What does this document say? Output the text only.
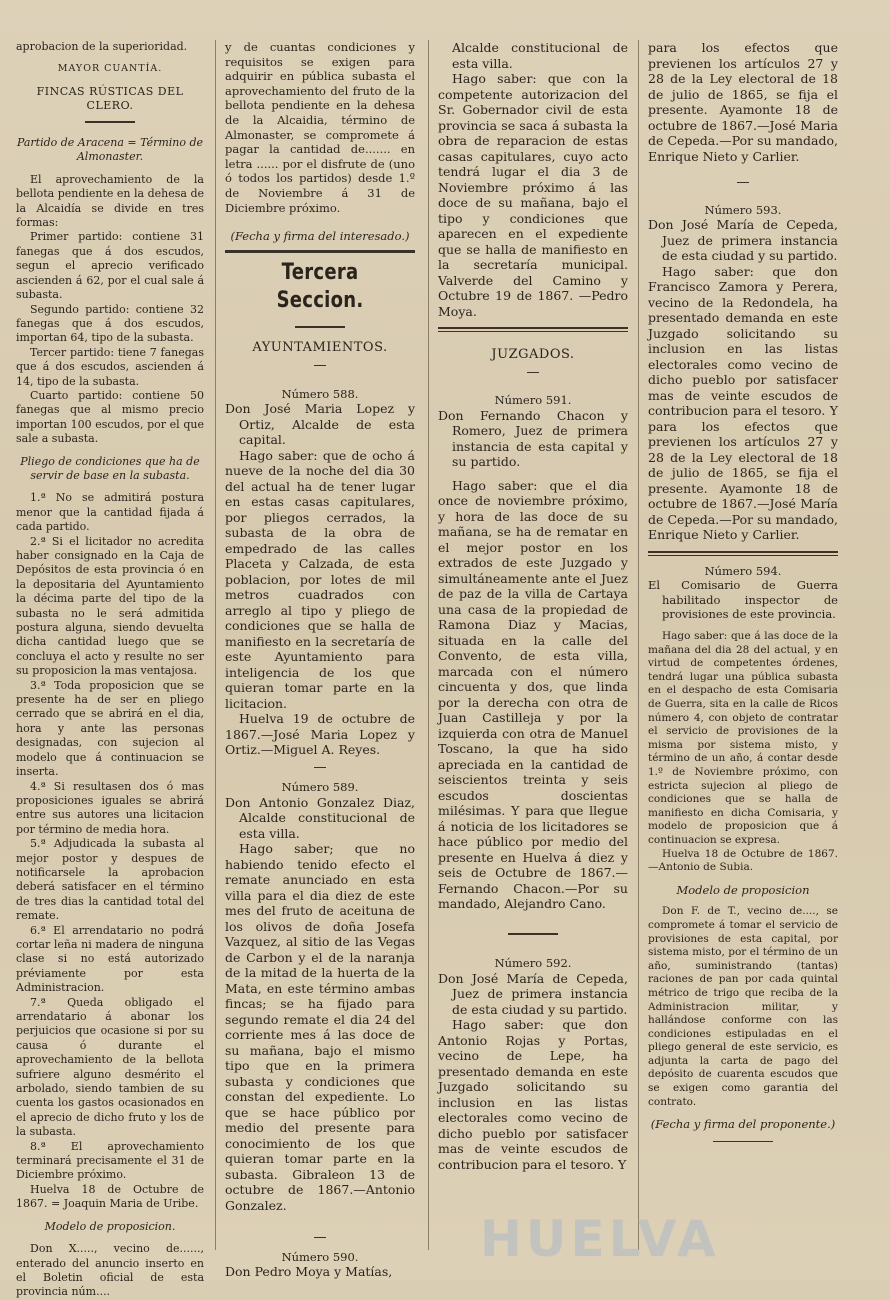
aprobacion de la superioridad.

MAYOR CUANTÍA.

FINCAS RÚSTICAS DEL CLERO.

Partido de Aracena = Término de Almonaster.

El aprovechamiento de la bellota pendiente en la dehesa de la Alcaidía se divide en tres formas:

Primer partido: contiene 31 fanegas que á dos escudos, segun el aprecio verificado ascienden á 62, por el cual sale á subasta.

Segundo partido: contiene 32 fanegas que á dos escudos, importan 64, tipo de la subasta.

Tercer partido: tiene 7 fanegas que á dos escudos, ascienden á 14, tipo de la subasta.

Cuarto partido: contiene 50 fanegas que al mismo precio importan 100 escudos, por el que sale a subasta.

Pliego de condiciones que ha de servir de base en la subasta.

1.ª No se admitirá postura menor que la cantidad fijada á cada partido.

2.ª Si el licitador no acredita haber consignado en la Caja de Depósitos de esta provincia ó en la depositaria del Ayuntamiento la décima parte del tipo de la subasta no le será admitida postura alguna, siendo devuelta dicha cantidad luego que se concluya el acto y resulte no ser su proposicion la mas ventajosa.

3.ª Toda proposicion que se presente ha de ser en pliego cerrado que se abrirá en el dia, hora y ante las personas designadas, con sujecion al modelo que á continuacion se inserta.

4.ª Si resultasen dos ó mas proposiciones iguales se abrirá entre sus autores una licitacion por término de media hora.

5.ª Adjudicada la subasta al mejor postor y despues de notificarsele la aprobacion deberá satisfacer en el término de tres dias la cantidad total del remate.

6.ª El arrendatario no podrá cortar leña ni madera de ninguna clase si no está autorizado préviamente por esta Administracion.

7.ª Queda obligado el arrendatario á abonar los perjuicios que ocasione si por su causa ó durante el aprovechamiento de la bellota sufriere alguno desmérito el arbolado, siendo tambien de su cuenta los gastos ocasionados en el aprecio de dicho fruto y los de la subasta.

8.ª El aprovechamiento terminará precisamente el 31 de Diciembre próximo.

Huelva 18 de Octubre de 1867. = Joaquin Maria de Uribe.

Modelo de proposicion.

Don X....., vecino de......, enterado del anuncio inserto en el Boletin oficial de esta provincia núm....

y de cuantas condiciones y requisitos se exigen para adquirir en pública subasta el aprovechamiento del fruto de la bellota pendiente en la dehesa de la Alcaidia, término de Almonaster, se compromete á pagar la cantidad de....... en letra ...... por el disfrute de (uno ó todos los partidos) desde 1.º de Noviembre á 31 de Diciembre próximo.

(Fecha y firma del interesado.)

Tercera Seccion.

AYUNTAMIENTOS.

Número 588.

Don José Maria Lopez y Ortiz, Alcalde de esta capital.

Hago saber: que de ocho á nueve de la noche del dia 30 del actual ha de tener lugar en estas casas capitulares, por pliegos cerrados, la subasta de la obra de empedrado de las calles Placeta y Calzada, de esta poblacion, por lotes de mil metros cuadrados con arreglo al tipo y pliego de condiciones que se halla de manifiesto en la secretaría de este Ayuntamiento para inteligencia de los que quieran tomar parte en la licitacion.

Huelva 19 de octubre de 1867.—José Maria Lopez y Ortiz.—Miguel A. Reyes.

Número 589.

Don Antonio Gonzalez Diaz, Alcalde constitucional de esta villa.

Hago saber; que no habiendo tenido efecto el remate anunciado en esta villa para el dia diez de este mes del fruto de aceituna de los olivos de doña Josefa Vazquez, al sitio de las Vegas de Carbon y el de la naranja de la mitad de la huerta de la Mata, en este término ambas fincas; se ha fijado para segundo remate el dia 24 del corriente mes á las doce de su mañana, bajo el mismo tipo que en la primera subasta y condiciones que constan del expediente. Lo que se hace público por medio del presente para conocimiento de los que quieran tomar parte en la subasta. Gibraleon 13 de octubre de 1867.—Antonio Gonzalez.

Número 590.

Don Pedro Moya y Matías,

Alcalde constitucional de esta villa.

Hago saber: que con la competente autorizacion del Sr. Gobernador civil de esta provincia se saca á subasta la obra de reparacion de estas casas capitulares, cuyo acto tendrá lugar el dia 3 de Noviembre próximo á las doce de su mañana, bajo el tipo y condiciones que aparecen en el expediente que se halla de manifiesto en la secretaría municipal. Valverde del Camino y Octubre 19 de 1867. —Pedro Moya.

JUZGADOS.

Número 591.

Don Fernando Chacon y Romero, Juez de primera instancia de esta capital y su partido.

Hago saber: que el dia once de noviembre próximo, y hora de las doce de su mañana, se ha de rematar en el mejor postor en los extrados de este Juzgado y simultáneamente ante el Juez de paz de la villa de Cartaya una casa de la propiedad de Ramona Diaz y Macias, situada en la calle del Convento, de esta villa, marcada con el número cincuenta y dos, que linda por la derecha con otra de Juan Castilleja y por la izquierda con otra de Manuel Toscano, la que ha sido apreciada en la cantidad de seiscientos treinta y seis escudos doscientas milésimas. Y para que llegue á noticia de los licitadores se hace público por medio del presente en Huelva á diez y seis de Octubre de 1867.—Fernando Chacon.—Por su mandado, Alejandro Cano.

Número 592.

Don José María de Cepeda, Juez de primera instancia de esta ciudad y su partido.

Hago saber: que don Antonio Rojas y Portas, vecino de Lepe, ha presentado demanda en este Juzgado solicitando su inclusion en las listas electorales como vecino de dicho pueblo por satisfacer mas de veinte escudos de contribucion para el tesoro. Y

para los efectos que previenen los artículos 27 y 28 de la Ley electoral de 18 de julio de 1865, se fija el presente. Ayamonte 18 de octubre de 1867.—José Maria de Cepeda.—Por su mandado, Enrique Nieto y Carlier.

Número 593.

Don José María de Cepeda, Juez de primera instancia de esta ciudad y su partido.

Hago saber: que don Francisco Zamora y Perera, vecino de la Redondela, ha presentado demanda en este Juzgado solicitando su inclusion en las listas electorales como vecino de dicho pueblo por satisfacer mas de veinte escudos de contribucion para el tesoro. Y para los efectos que previenen los artículos 27 y 28 de la Ley electoral de 18 de julio de 1865, se fija el presente. Ayamonte 18 de octubre de 1867.—José María de Cepeda.—Por su mandado, Enrique Nieto y Carlier.

Número 594.

El Comisario de Guerra habilitado inspector de provisiones de este provincia.

Hago saber: que á las doce de la mañana del dia 28 del actual, y en virtud de competentes órdenes, tendrá lugar una pública subasta en el despacho de esta Comisaria de Guerra, sita en la calle de Ricos número 4, con objeto de contratar el servicio de provisiones de la misma por sistema misto, y término de un año, á contar desde 1.º de Noviembre próximo, con estricta sujecion al pliego de condiciones que se halla de manifiesto en dicha Comisaria, y modelo de proposicion que á continuacion se expresa.

Huelva 18 de Octubre de 1867. —Antonio de Subia.

Modelo de proposicion

Don F. de T., vecino de...., se compromete á tomar el servicio de provisiones de esta capital, por sistema misto, por el término de un año, suministrando (tantas) raciones de pan por cada quintal métrico de trigo que reciba de la Administracion militar, y hallándose conforme con las condiciones estipuladas en el pliego general de este servicio, es adjunta la carta de pago del depósito de cuarenta escudos que se exigen como garantia del contrato.

(Fecha y firma del proponente.)

HUELVA
